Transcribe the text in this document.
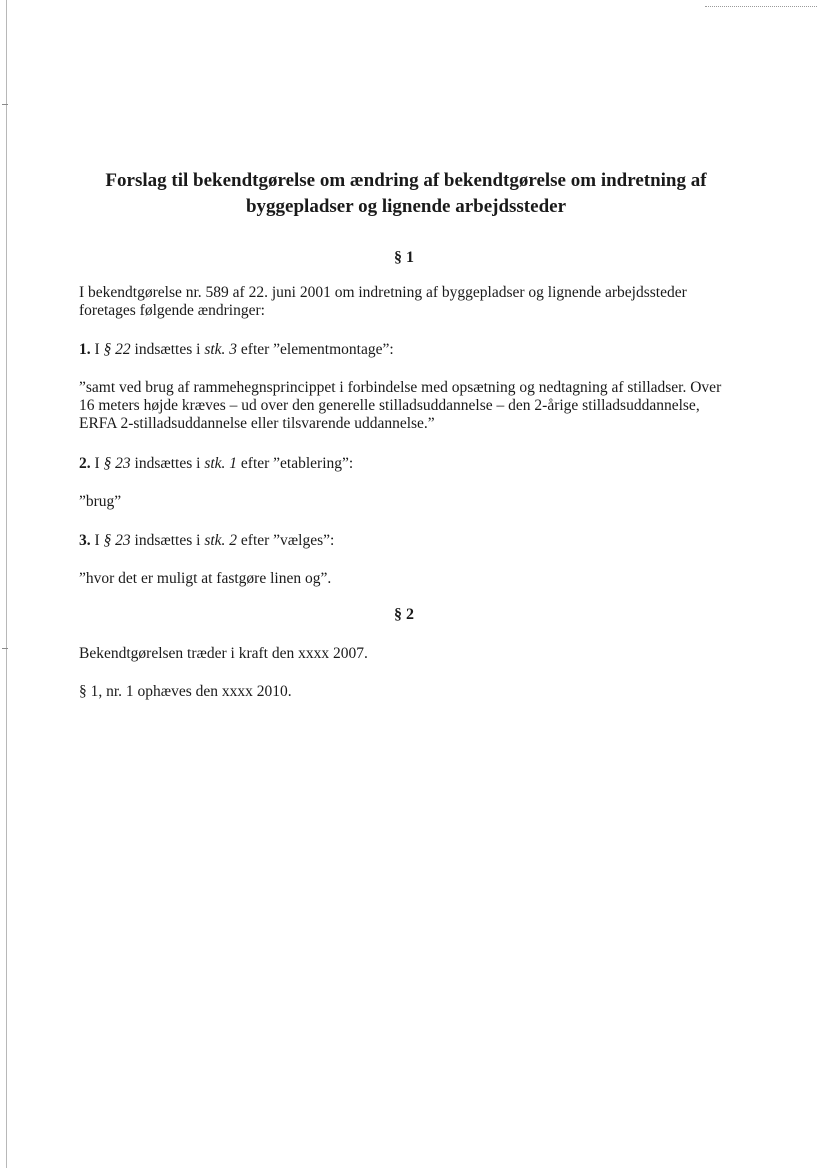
Forslag til bekendtgørelse om ændring af bekendtgørelse om indretning af byggepladser og lignende arbejdssteder

§ 1

I bekendtgørelse nr. 589 af 22. juni 2001 om indretning af byggepladser og lignende arbejdssteder foretages følgende ændringer:

1. I § 22 indsættes i stk. 3 efter ”elementmontage”:

”samt ved brug af rammehegnsprincippet i forbindelse med opsætning og nedtagning af stilladser. Over 16 meters højde kræves – ud over den generelle stilladsuddannelse – den 2-årige stilladsuddannelse, ERFA 2-stilladsuddannelse eller tilsvarende uddannelse.”

2. I § 23 indsættes i stk. 1 efter ”etablering”:

”brug”

3. I § 23 indsættes i stk. 2 efter ”vælges”:

”hvor det er muligt at fastgøre linen og”.

§ 2

Bekendtgørelsen træder i kraft den xxxx 2007.

§ 1, nr. 1 ophæves den xxxx 2010.
